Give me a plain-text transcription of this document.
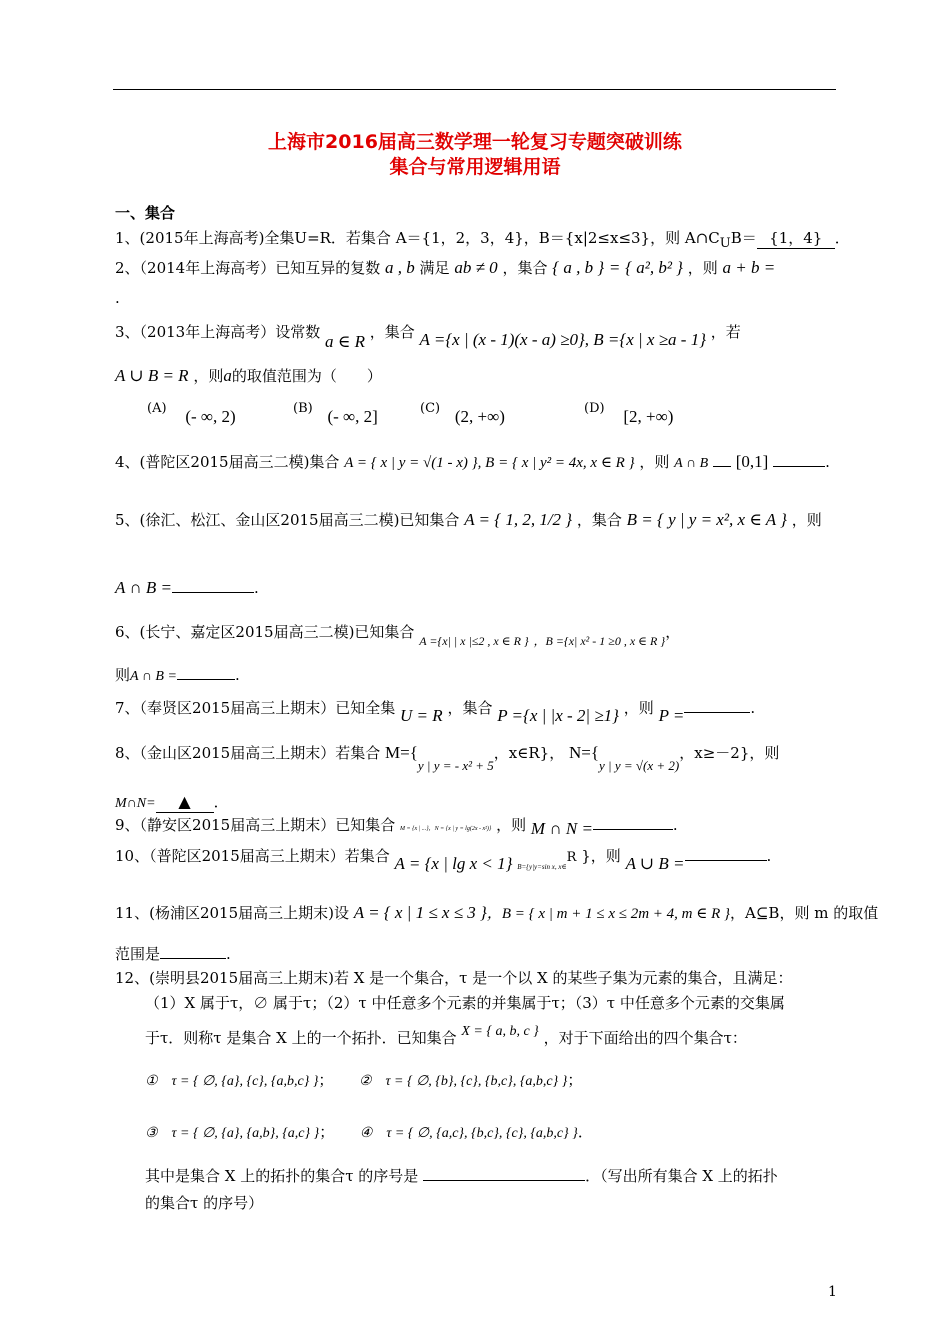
上海市2016届高三数学理一轮复习专题突破训练
集合与常用逻辑用语
一、集合
1、(2015年上海高考)全集U=R．若集合 A＝{1，2，3，4}，B＝{x|2≤x≤3}，则 $A\cap C_UB= \{1$，4} ．
2、（2014年上海高考）已知互异的复数 a , b 满足 ab ≠ 0 ，集合 { a , b } = { a², b² } ，则 a + b =
.
3、（2013年上海高考）设常数 a ∈ R ，集合 A ={x | (x - 1)(x - a) ≥0}, B ={x | x ≥a - 1} ，若
A ∪ B = R ，则a的取值范围为（　　）
(A) (- ∞, 2)	(B) (- ∞, 2]	(C) (2, +∞)	(D) [2, +∞)
4、(普陀区2015届高三二模)集合 A = { x | y = √(1 - x) }, B = { x | y² = 4x, x ∈ R } ，则 A ∩ B [0,1]	.
5、(徐汇、松江、金山区2015届高三二模)已知集合 A = { 1, 2, 1/2 } ，集合 B = { y | y = x², x ∈ A } ，则
A ∩ B =	.
6、(长宁、嘉定区2015届高三二模)已知集合 $_{A =\{x| | x |\le 2 , x \in R \}}$ $_{,B =\{x| x^2 - 1 \ge 0 , x \in R \}}$，
则A ∩ B =	.
7、（奉贤区2015届高三上期末）已知全集 U = R ，集合 P ={x | |x - 2| ≥1} ，则 P =	.
8、（金山区2015届高三上期末）若集合 M={y | y = - x² + 5，x∈R}， N={y | y = √(x + 2)，x≥－2}，则
M∩N= ▲ ．
9、（静安区2015届高三上期末）已知集合 M = {x | ...}，N = {x | y = lg(2x - x²)} ，则 M ∩ N =	.
10、（普陀区2015届高三上期末）若集合 A = {x | lg x < 1} $_{B=\{y|y=sin x, x\in}$R }，则 A ∪ B =	.
11、(杨浦区2015届高三上期末)设 A = { x | 1 ≤ x ≤ 3 }，B = { x | m + 1 ≤ x ≤ 2m + 4, m ∈ R }，A⊆B，则 m 的取值
范围是	.
12、(崇明县2015届高三上期末)若 X 是一个集合，τ 是一个以 X 的某些子集为元素的集合，且满足：
（1）X 属于τ，∅ 属于τ；（2）τ 中任意多个元素的并集属于τ；（3）τ 中任意多个元素的交集属
于τ．则称τ 是集合 X 上的一个拓扑．已知集合 X = { a, b, c } ，对于下面给出的四个集合τ：
①　τ = { ∅, {a}, {c}, {a,b,c} }； ②　τ = { ∅, {b}, {c}, {b,c}, {a,b,c} }；
③　τ = { ∅, {a}, {a,b}, {a,c} }； ④　τ = { ∅, {a,c}, {b,c}, {c}, {a,b,c} }．
其中是集合 X 上的拓扑的集合τ 的序号是	．（写出所有集合 X 上的拓扑
的集合τ 的序号）
1
